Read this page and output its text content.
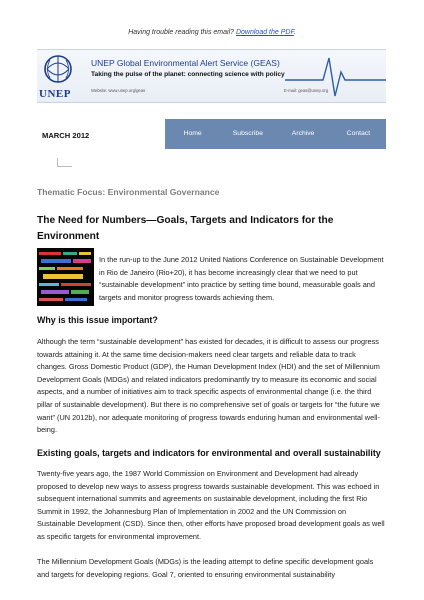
Having trouble reading this email? Download the PDF.
UNEP
UNEP Global Environmental Alert Service (GEAS)
Taking the pulse of the planet: connecting science with policy
Website: www.unep.org/geas	E-mail: geas@unep.org
MARCH 2012	Home	Subscribe	Archive	Contact
Thematic Focus: Environmental Governance
The Need for Numbers—Goals, Targets and Indicators for the Environment
In the run-up to the June 2012 United Nations Conference on Sustainable Development in Rio de Janeiro (Rio+20), it has become increasingly clear that we need to put “sustainable development” into practice by setting time bound, measurable goals and targets and monitor progress towards achieving them.
Why is this issue important?

Although the term “sustainable development” has existed for decades, it is difficult to assess our progress towards attaining it. At the same time decision-makers need clear targets and reliable data to track changes. Gross Domestic Product (GDP), the Human Development Index (HDI) and the set of Millennium Development Goals (MDGs) and related indicators predominantly try to measure its economic and social aspects, and a number of initiatives aim to track specific aspects of environmental change (i.e. the third pillar of sustainable development). But there is no comprehensive set of goals or targets for “the future we want” (UN 2012b), nor adequate monitoring of progress towards enduring human and environmental well-being.

Existing goals, targets and indicators for environmental and overall sustainability

Twenty-five years ago, the 1987 World Commission on Environment and Development had already proposed to develop new ways to assess progress towards sustainable development. This was echoed in subsequent international summits and agreements on sustainable development, including the first Rio Summit in 1992, the Johannesburg Plan of Implementation in 2002 and the UN Commission on Sustainable Development (CSD). Since then, other efforts have proposed broad development goals as well as specific targets for environmental improvement.

The Millennium Development Goals (MDGs) is the leading attempt to define specific development goals and targets for developing regions. Goal 7, oriented to ensuring environmental sustainability
